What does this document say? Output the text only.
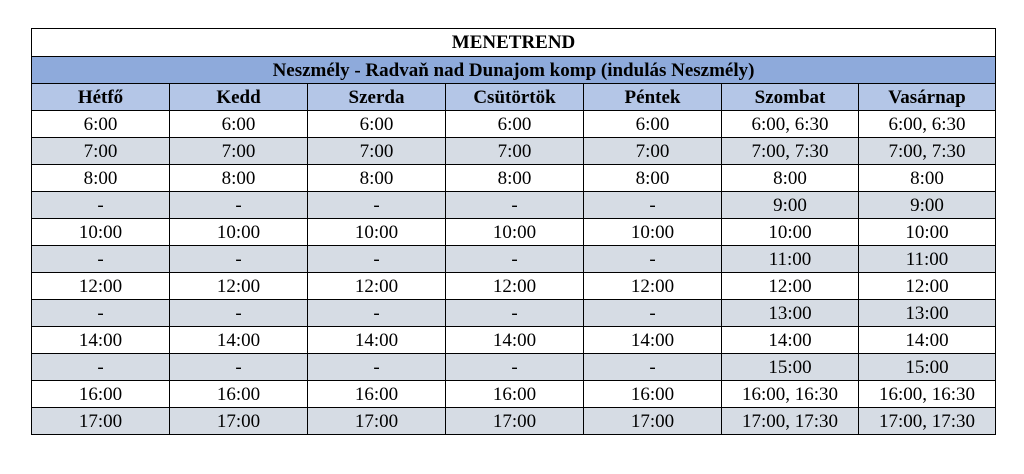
MENETREND						
Neszmély - Radvaň nad Dunajom komp (indulás Neszmély)						
Hétfő	Kedd	Szerda	Csütörtök	Péntek	Szombat	Vasárnap
6:00	6:00	6:00	6:00	6:00	6:00, 6:30	6:00, 6:30
7:00	7:00	7:00	7:00	7:00	7:00, 7:30	7:00, 7:30
8:00	8:00	8:00	8:00	8:00	8:00	8:00
-	-	-	-	-	9:00	9:00
10:00	10:00	10:00	10:00	10:00	10:00	10:00
-	-	-	-	-	11:00	11:00
12:00	12:00	12:00	12:00	12:00	12:00	12:00
-	-	-	-	-	13:00	13:00
14:00	14:00	14:00	14:00	14:00	14:00	14:00
-	-	-	-	-	15:00	15:00
16:00	16:00	16:00	16:00	16:00	16:00, 16:30	16:00, 16:30
17:00	17:00	17:00	17:00	17:00	17:00, 17:30	17:00, 17:30
